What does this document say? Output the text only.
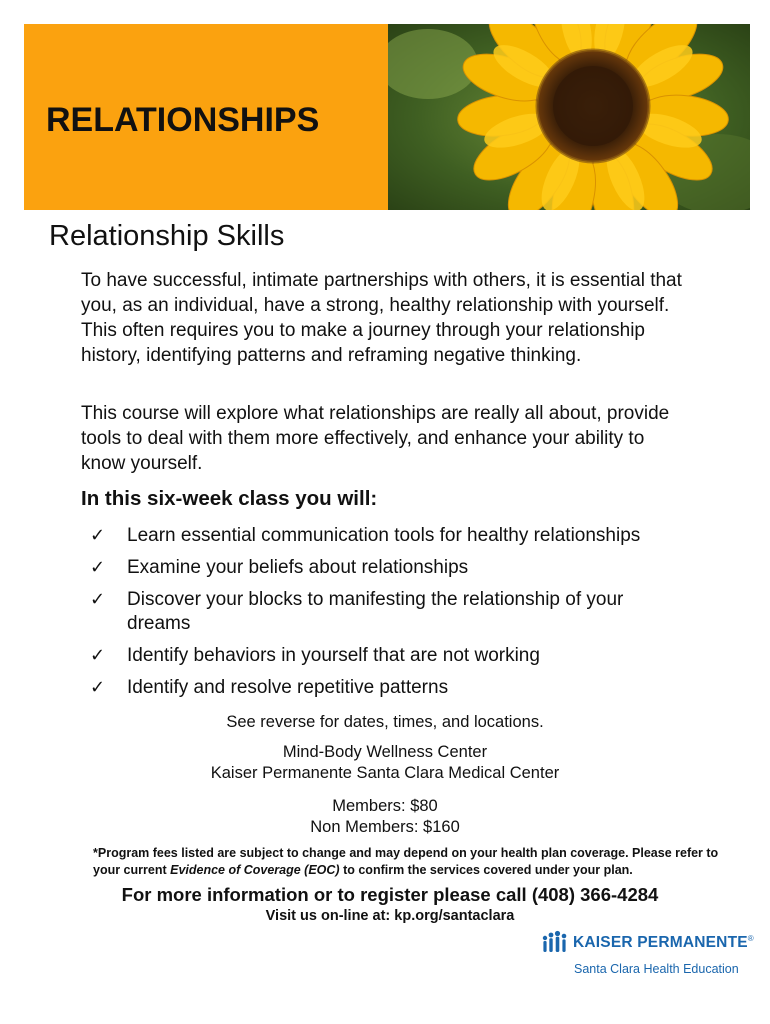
RELATIONSHIPS
Relationship Skills
To have successful, intimate partnerships with others, it is essential that you, as an individual, have a strong, healthy relationship with yourself. This often requires you to make a journey through your relationship history, identifying patterns and reframing negative thinking.
This course will explore what relationships are really all about, provide tools to deal with them more effectively, and enhance your ability to know yourself.
In this six-week class you will:
✓ Learn essential communication tools for healthy relationships
✓ Examine your beliefs about relationships
✓ Discover your blocks to manifesting the relationship of your dreams
✓ Identify behaviors in yourself that are not working
✓ Identify and resolve repetitive patterns
See reverse for dates, times, and locations.
Mind-Body Wellness Center
Kaiser Permanente Santa Clara Medical Center
Members: $80
Non Members: $160
*Program fees listed are subject to change and may depend on your health plan coverage. Please refer to your current Evidence of Coverage (EOC) to confirm the services covered under your plan.
For more information or to register please call (408) 366-4284
Visit us on-line at: kp.org/santaclara
KAISER PERMANENTE®
Santa Clara Health Education
